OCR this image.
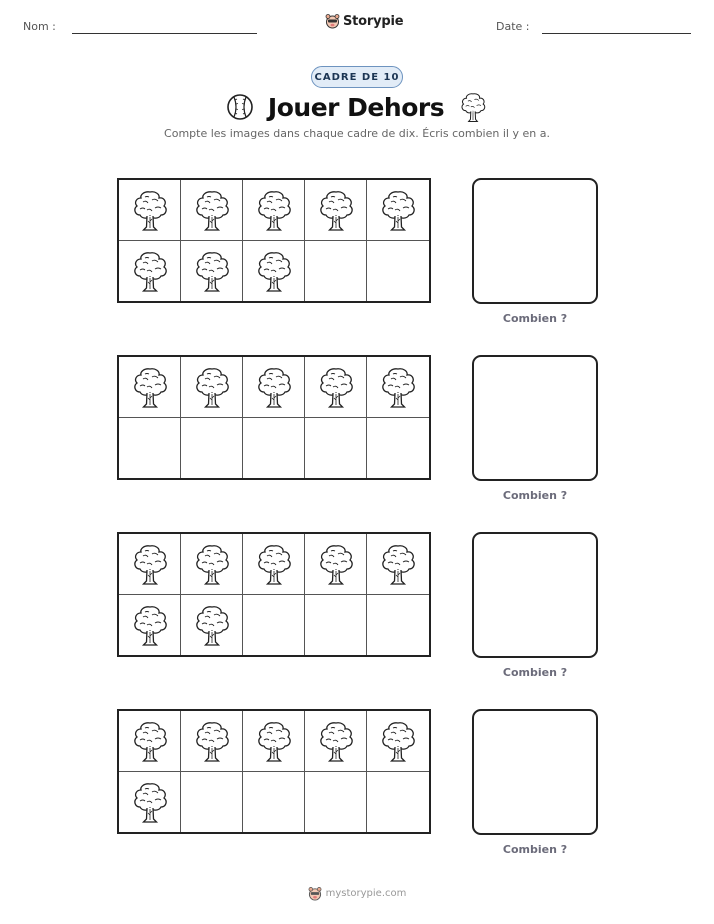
Nom :	Storypie	Date :
CADRE DE 10
Jouer Dehors
Compte les images dans chaque cadre de dix. Écris combien il y en a.
Combien ?
Combien ?
Combien ?
Combien ?
mystorypie.com
